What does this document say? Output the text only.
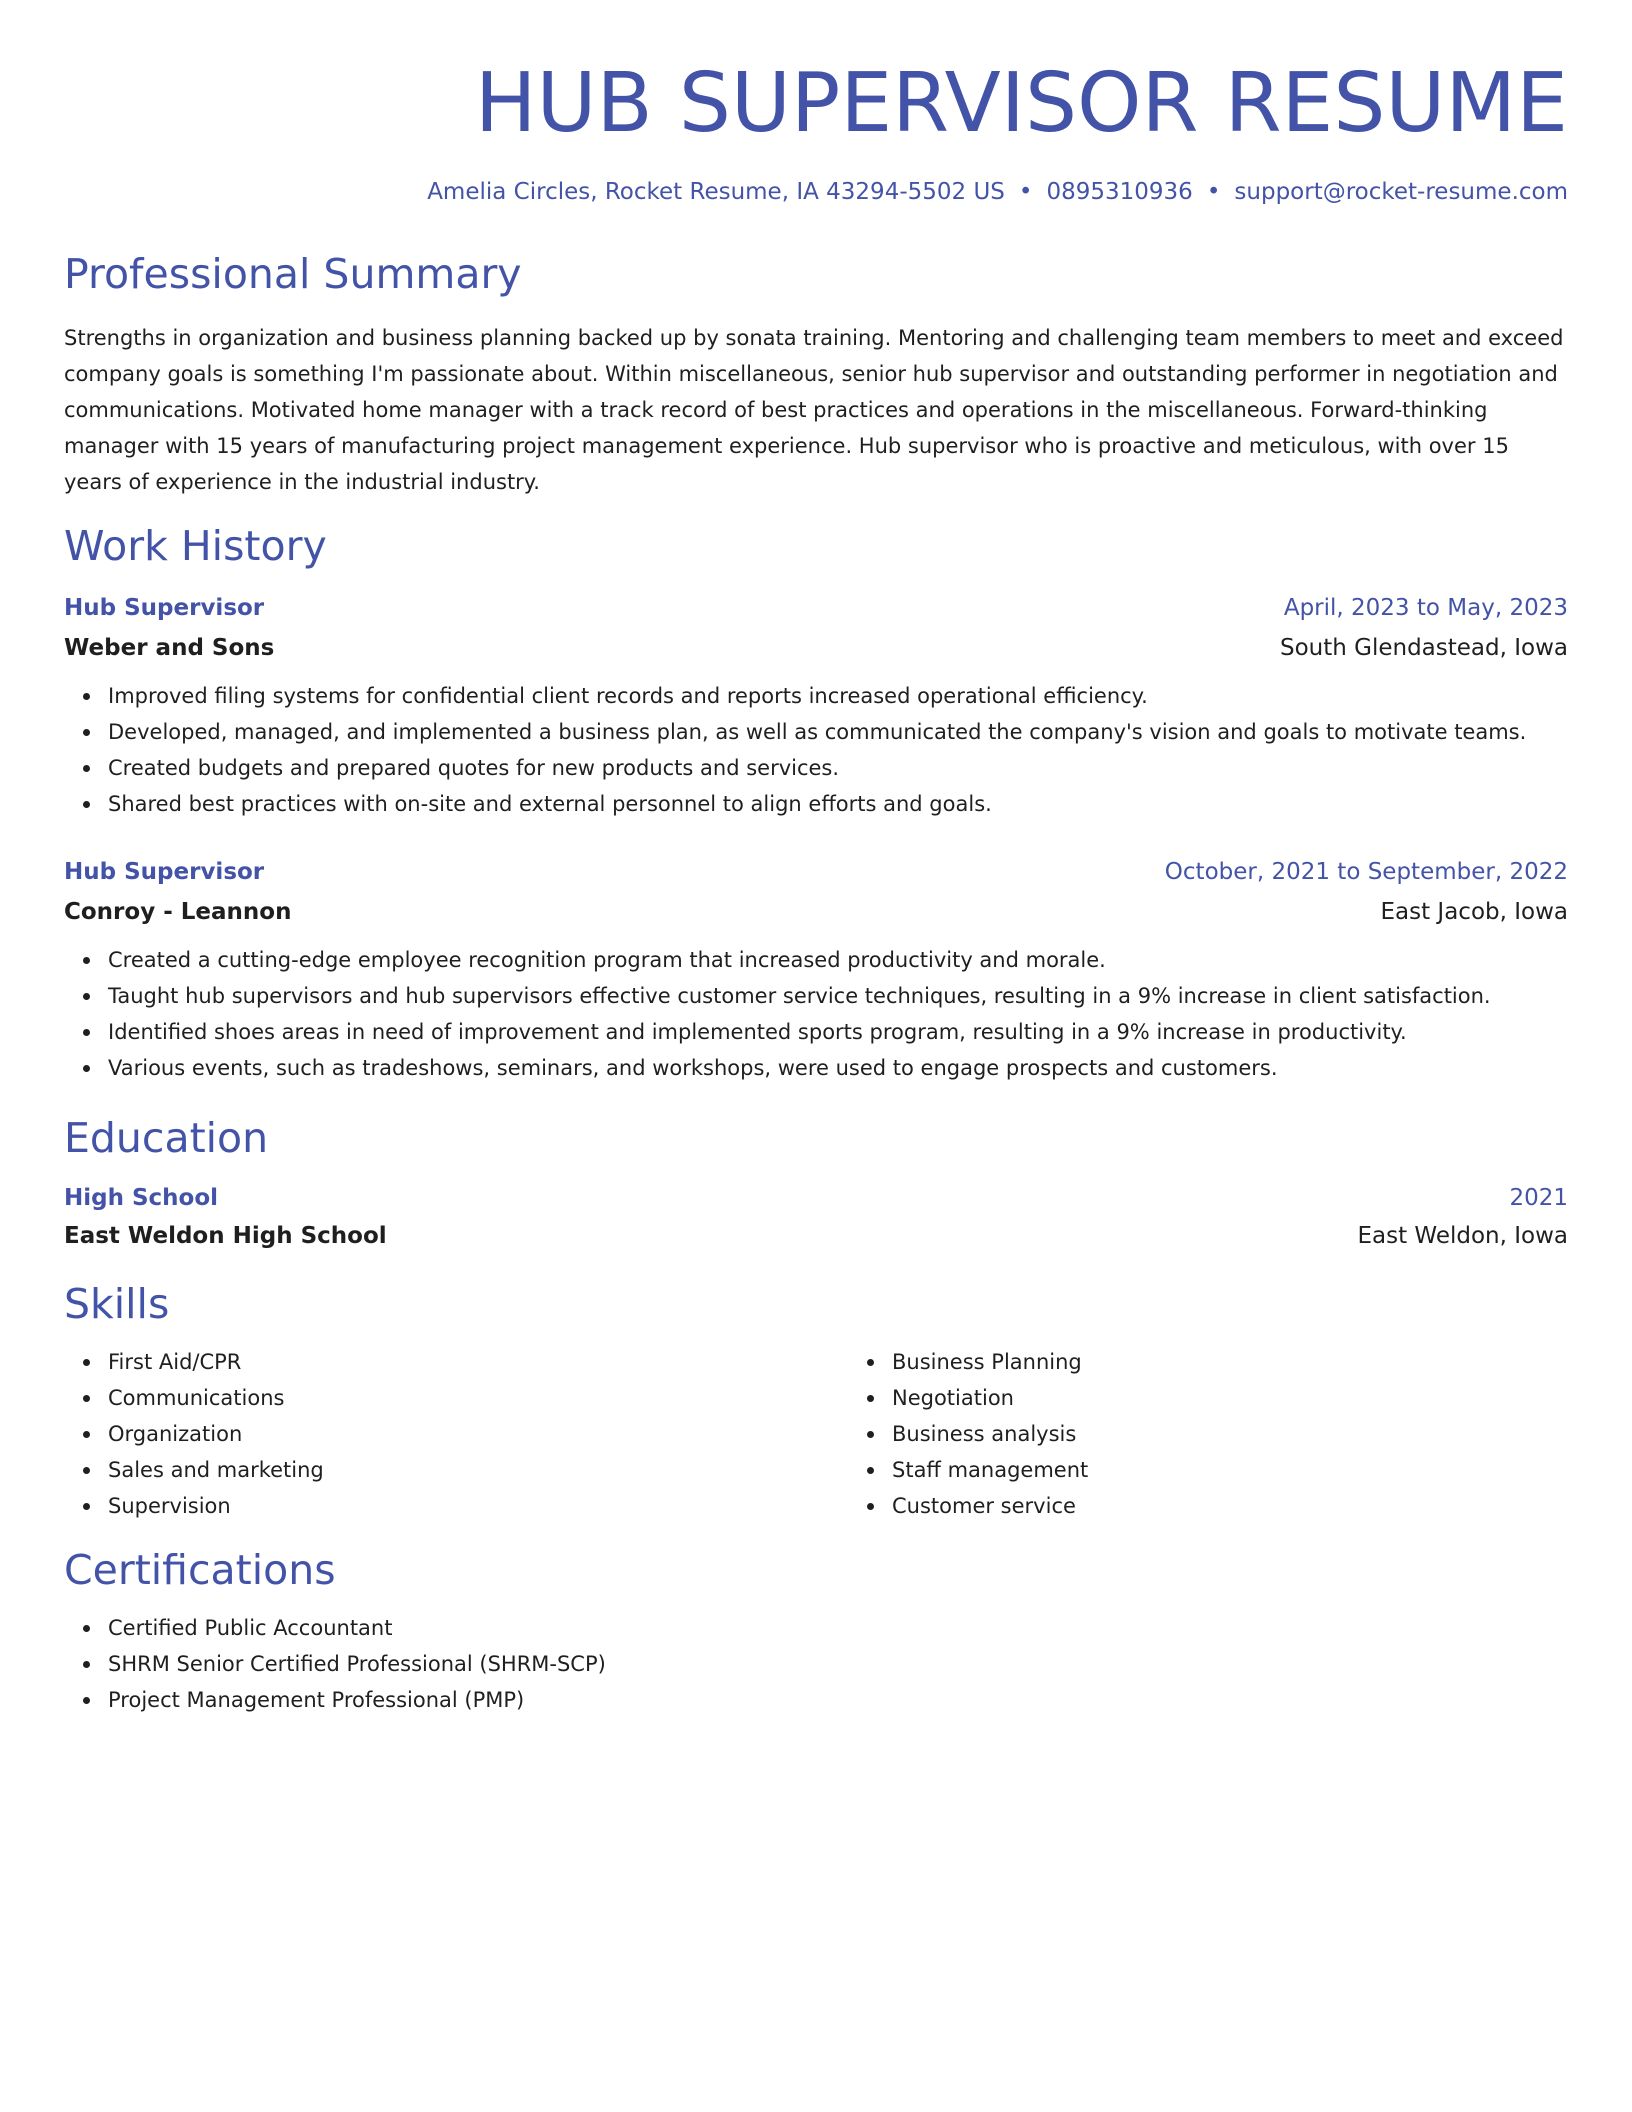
HUB SUPERVISOR RESUME
Amelia Circles, Rocket Resume, IA 43294-5502 US • 0895310936 • support@rocket-resume.com
Professional Summary

Strengths in organization and business planning backed up by sonata training. Mentoring and challenging team members to meet and exceed company goals is something I'm passionate about. Within miscellaneous, senior hub supervisor and outstanding performer in negotiation and communications. Motivated home manager with a track record of best practices and operations in the miscellaneous. Forward-thinking manager with 15 years of manufacturing project management experience. Hub supervisor who is proactive and meticulous, with over 15 years of experience in the industrial industry.

Work History
Hub Supervisor	April, 2023 to May, 2023
Weber and Sons	South Glendastead, Iowa
Improved filing systems for confidential client records and reports increased operational efficiency.
Developed, managed, and implemented a business plan, as well as communicated the company's vision and goals to motivate teams.
Created budgets and prepared quotes for new products and services.
Shared best practices with on-site and external personnel to align efforts and goals.
Hub Supervisor	October, 2021 to September, 2022
Conroy - Leannon	East Jacob, Iowa
Created a cutting-edge employee recognition program that increased productivity and morale.
Taught hub supervisors and hub supervisors effective customer service techniques, resulting in a 9% increase in client satisfaction.
Identified shoes areas in need of improvement and implemented sports program, resulting in a 9% increase in productivity.
Various events, such as tradeshows, seminars, and workshops, were used to engage prospects and customers.
Education
High School	2021
East Weldon High School	East Weldon, Iowa
Skills
First Aid/CPR
Communications
Organization
Sales and marketing
Supervision
Business Planning
Negotiation
Business analysis
Staff management
Customer service
Certifications
Certified Public Accountant
SHRM Senior Certified Professional (SHRM-SCP)
Project Management Professional (PMP)
